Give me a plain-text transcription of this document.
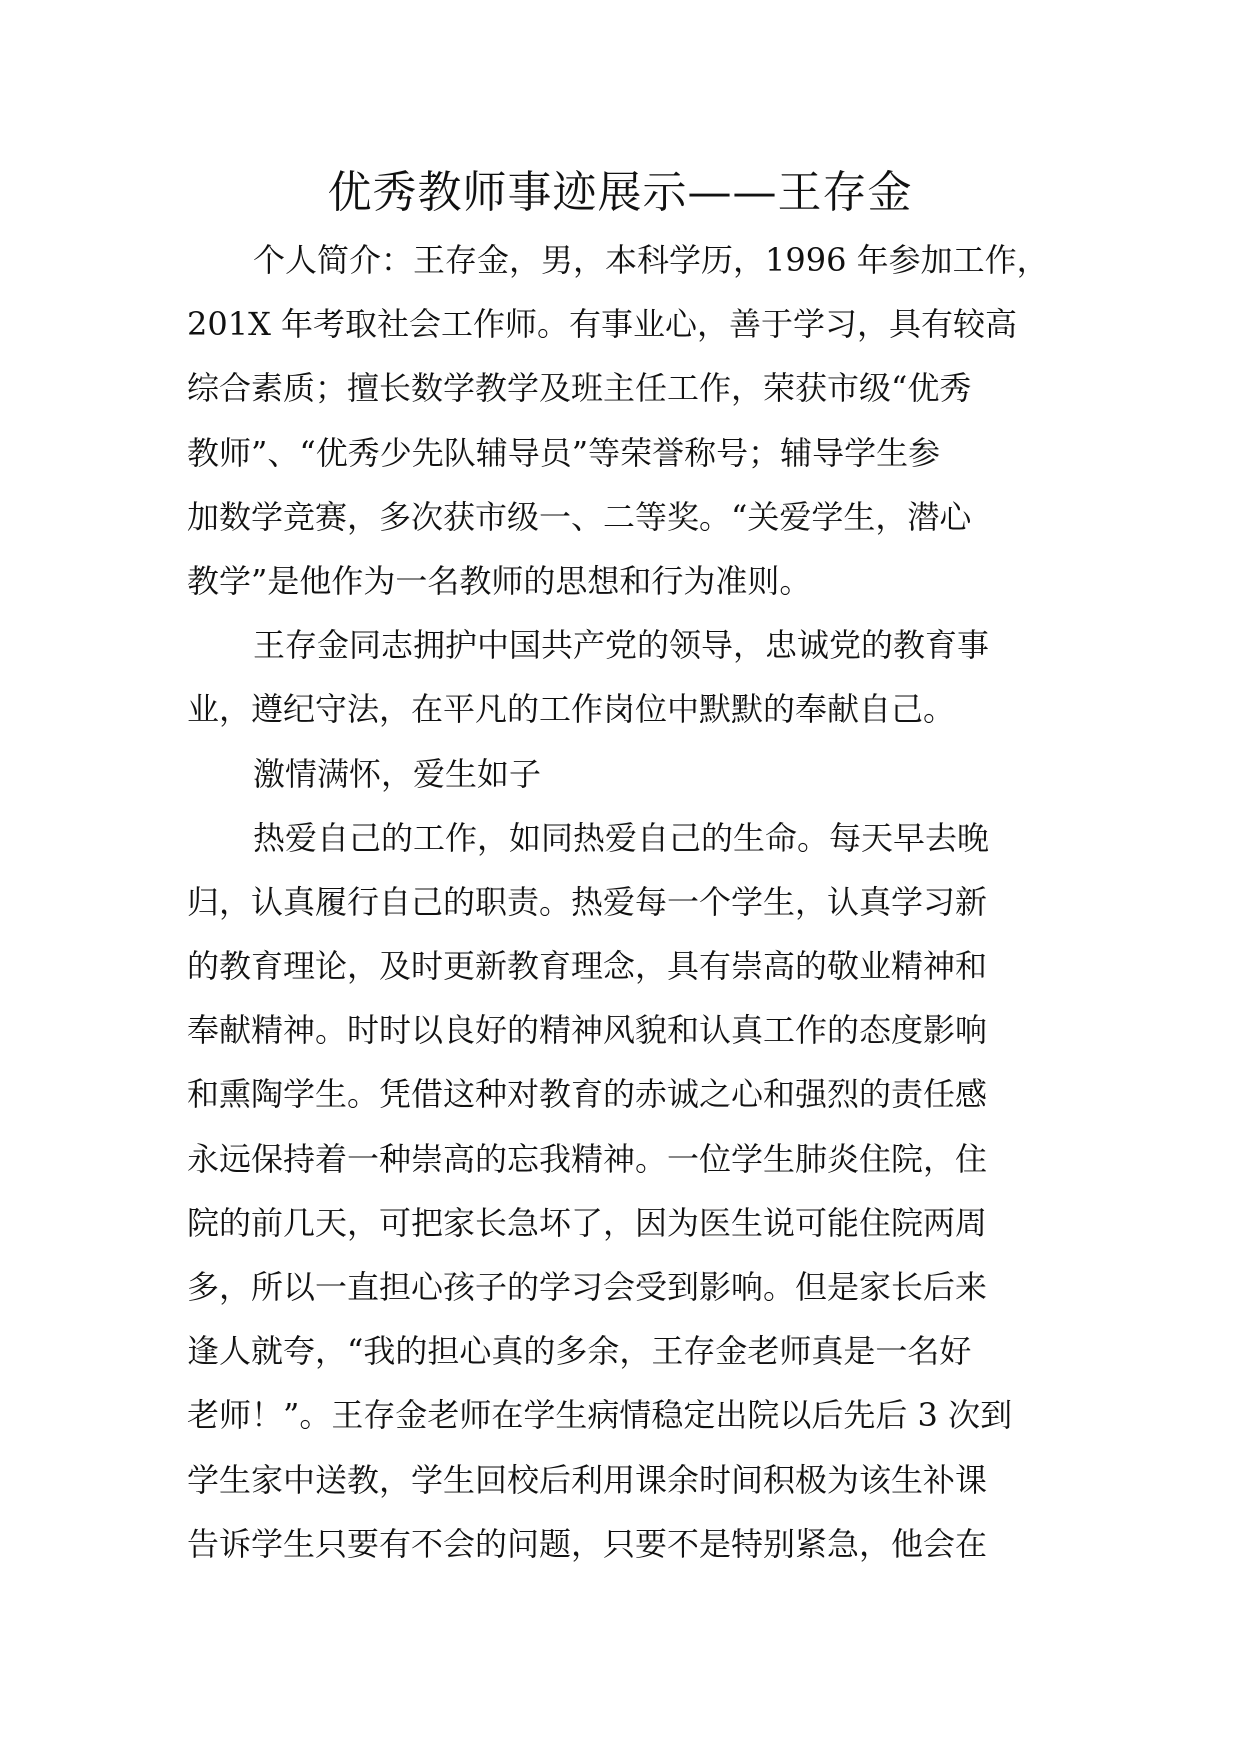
优秀教师事迹展示——王存金
个人简介：王存金，男，本科学历，1996 年参加工作，
201X 年考取社会工作师。有事业心，善于学习，具有较高
综合素质；擅长数学教学及班主任工作，荣获市级“优秀
教师”、“优秀少先队辅导员”等荣誉称号；辅导学生参
加数学竞赛，多次获市级一、二等奖。“关爱学生，潜心
教学”是他作为一名教师的思想和行为准则。
王存金同志拥护中国共产党的领导，忠诚党的教育事
业，遵纪守法，在平凡的工作岗位中默默的奉献自己。
激情满怀，爱生如子
热爱自己的工作，如同热爱自己的生命。每天早去晚
归，认真履行自己的职责。热爱每一个学生，认真学习新
的教育理论，及时更新教育理念，具有崇高的敬业精神和
奉献精神。时时以良好的精神风貌和认真工作的态度影响
和熏陶学生。凭借这种对教育的赤诚之心和强烈的责任感
永远保持着一种崇高的忘我精神。一位学生肺炎住院，住
院的前几天，可把家长急坏了，因为医生说可能住院两周
多，所以一直担心孩子的学习会受到影响。但是家长后来
逢人就夸，“我的担心真的多余，王存金老师真是一名好
老师！”。王存金老师在学生病情稳定出院以后先后 3 次到
学生家中送教，学生回校后利用课余时间积极为该生补课
告诉学生只要有不会的问题，只要不是特别紧急，他会在
